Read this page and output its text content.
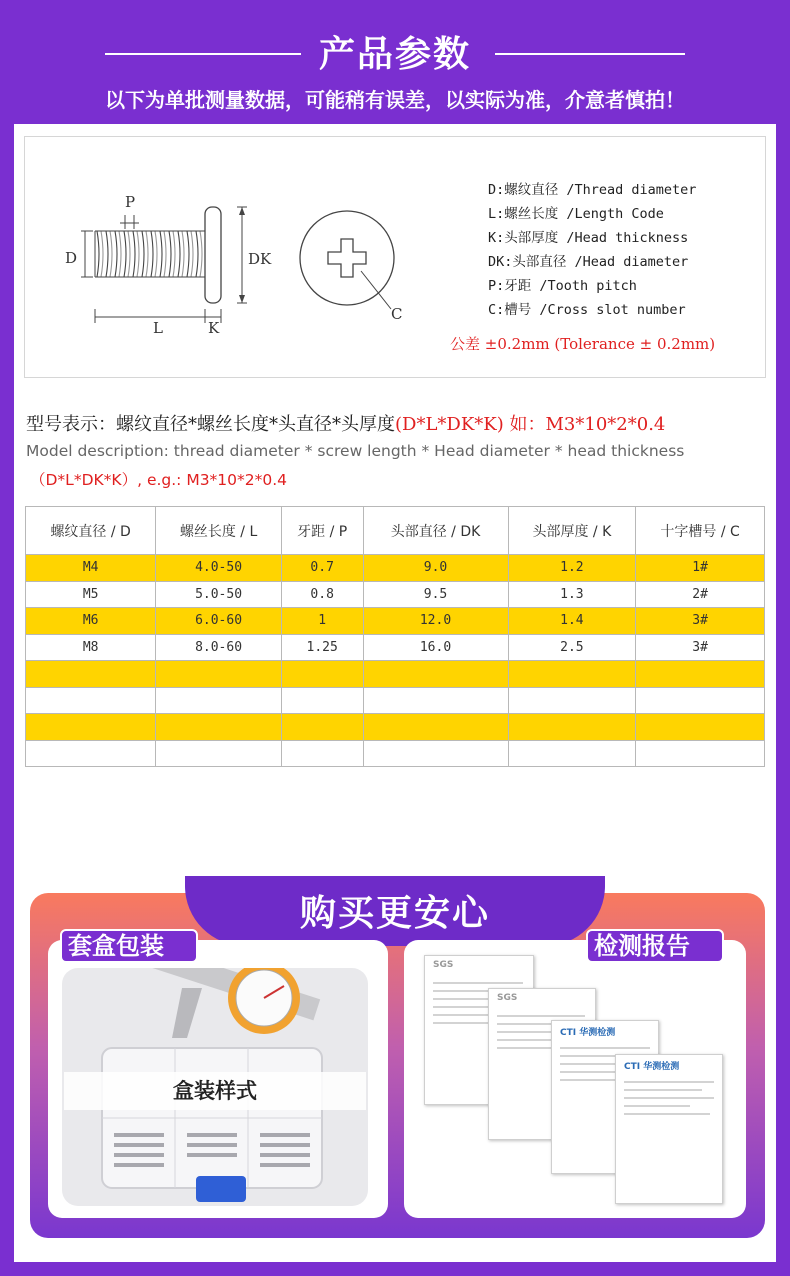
产品参数
以下为单批测量数据，可能稍有误差，以实际为准，介意者慎拍！
P
D	DK
L	K
C
D:螺纹直径 /Thread diameter
L:螺丝长度 /Length Code
K:头部厚度 /Head thickness
DK:头部直径 /Head diameter
P:牙距 /Tooth pitch
C:槽号 /Cross slot number
公差 ±0.2mm (Tolerance ± 0.2mm)
型号表示：螺纹直径*螺丝长度*头直径*头厚度(D*L*DK*K) 如：M3*10*2*0.4
Model description: thread diameter * screw length * Head diameter * head thickness
（D*L*DK*K）, e.g.: M3*10*2*0.4
螺纹直径 / D	螺丝长度 / L	牙距 / P	头部直径 / DK	头部厚度 / K	十字槽号 / C
M4	4.0-50	0.7	9.0	1.2	1#
M5	5.0-50	0.8	9.5	1.3	2#
M6	6.0-60	1	12.0	1.4	3#
M8	8.0-60	1.25	16.0	2.5	3#

购买更安心
盒装样式
SGS
SGS
CTI 华测检测
CTI 华测检测
套盒包装	检测报告
